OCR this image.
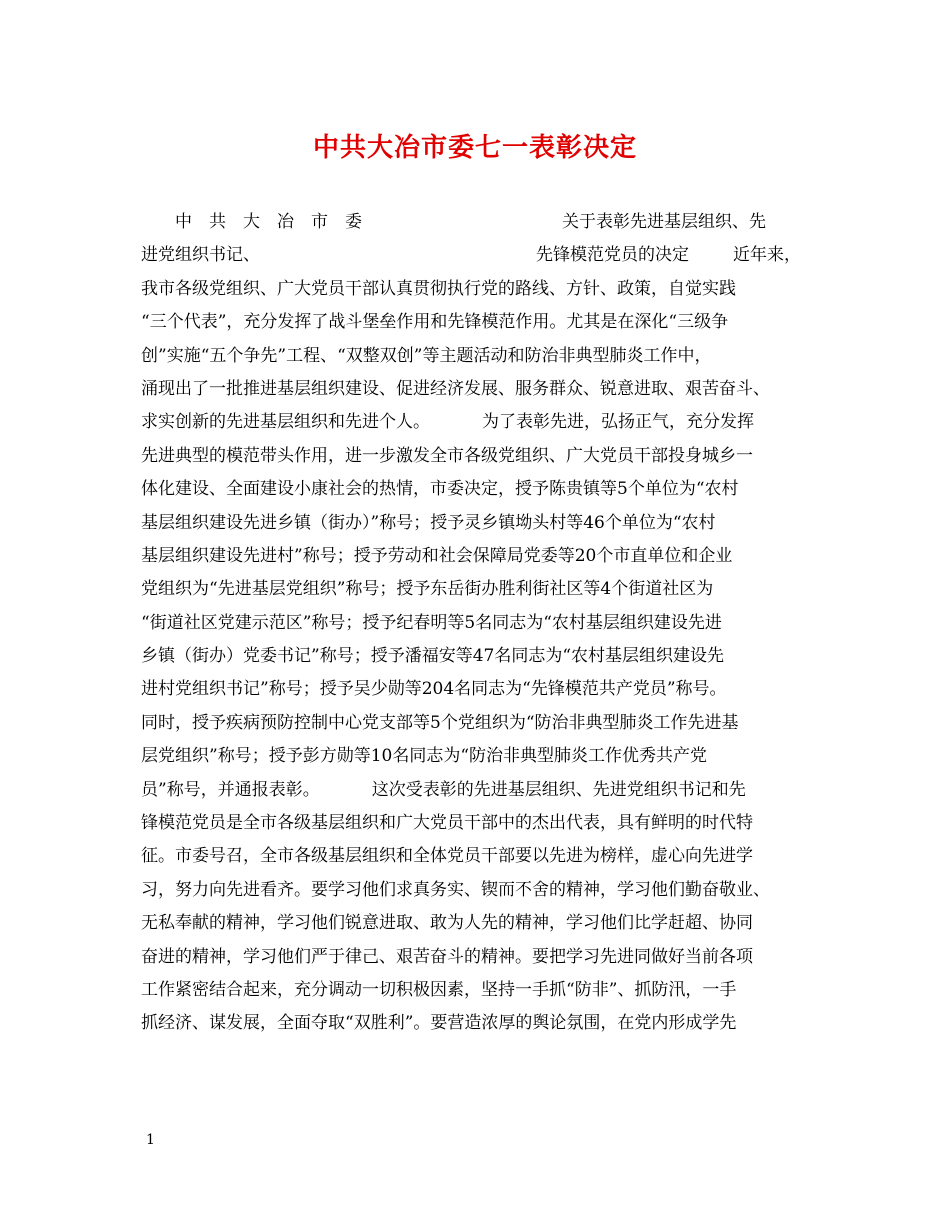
中共大冶市委七一表彰决定
中　共　大　冶　市　委	关于表彰先进基层组织、先
进党组织书记、	先锋模范党员的决定	近年来，
我市各级党组织、广大党员干部认真贯彻执行党的路线、方针、政策，自觉实践
“三个代表”，充分发挥了战斗堡垒作用和先锋模范作用。尤其是在深化“三级争
创”实施“五个争先”工程、“双整双创”等主题活动和防治非典型肺炎工作中，
涌现出了一批推进基层组织建设、促进经济发展、服务群众、锐意进取、艰苦奋斗、
求实创新的先进基层组织和先进个人。	为了表彰先进，弘扬正气，充分发挥
先进典型的模范带头作用，进一步激发全市各级党组织、广大党员干部投身城乡一
体化建设、全面建设小康社会的热情，市委决定，授予陈贵镇等5个单位为“农村
基层组织建设先进乡镇（街办）”称号；授予灵乡镇坳头村等46个单位为“农村
基层组织建设先进村”称号；授予劳动和社会保障局党委等20个市直单位和企业
党组织为“先进基层党组织”称号；授予东岳街办胜利街社区等4个街道社区为
“街道社区党建示范区”称号；授予纪春明等5名同志为“农村基层组织建设先进
乡镇（街办）党委书记”称号；授予潘福安等47名同志为“农村基层组织建设先
进村党组织书记”称号；授予吴少勋等204名同志为“先锋模范共产党员”称号。
同时，授予疾病预防控制中心党支部等5个党组织为“防治非典型肺炎工作先进基
层党组织”称号；授予彭方勋等10名同志为“防治非典型肺炎工作优秀共产党
员”称号，并通报表彰。	这次受表彰的先进基层组织、先进党组织书记和先
锋模范党员是全市各级基层组织和广大党员干部中的杰出代表，具有鲜明的时代特
征。市委号召，全市各级基层组织和全体党员干部要以先进为榜样，虚心向先进学
习，努力向先进看齐。要学习他们求真务实、锲而不舍的精神，学习他们勤奋敬业、
无私奉献的精神，学习他们锐意进取、敢为人先的精神，学习他们比学赶超、协同
奋进的精神，学习他们严于律己、艰苦奋斗的精神。要把学习先进同做好当前各项
工作紧密结合起来，充分调动一切积极因素，坚持一手抓“防非”、抓防汛，一手
抓经济、谋发展，全面夺取“双胜利”。要营造浓厚的舆论氛围，在党内形成学先
1
